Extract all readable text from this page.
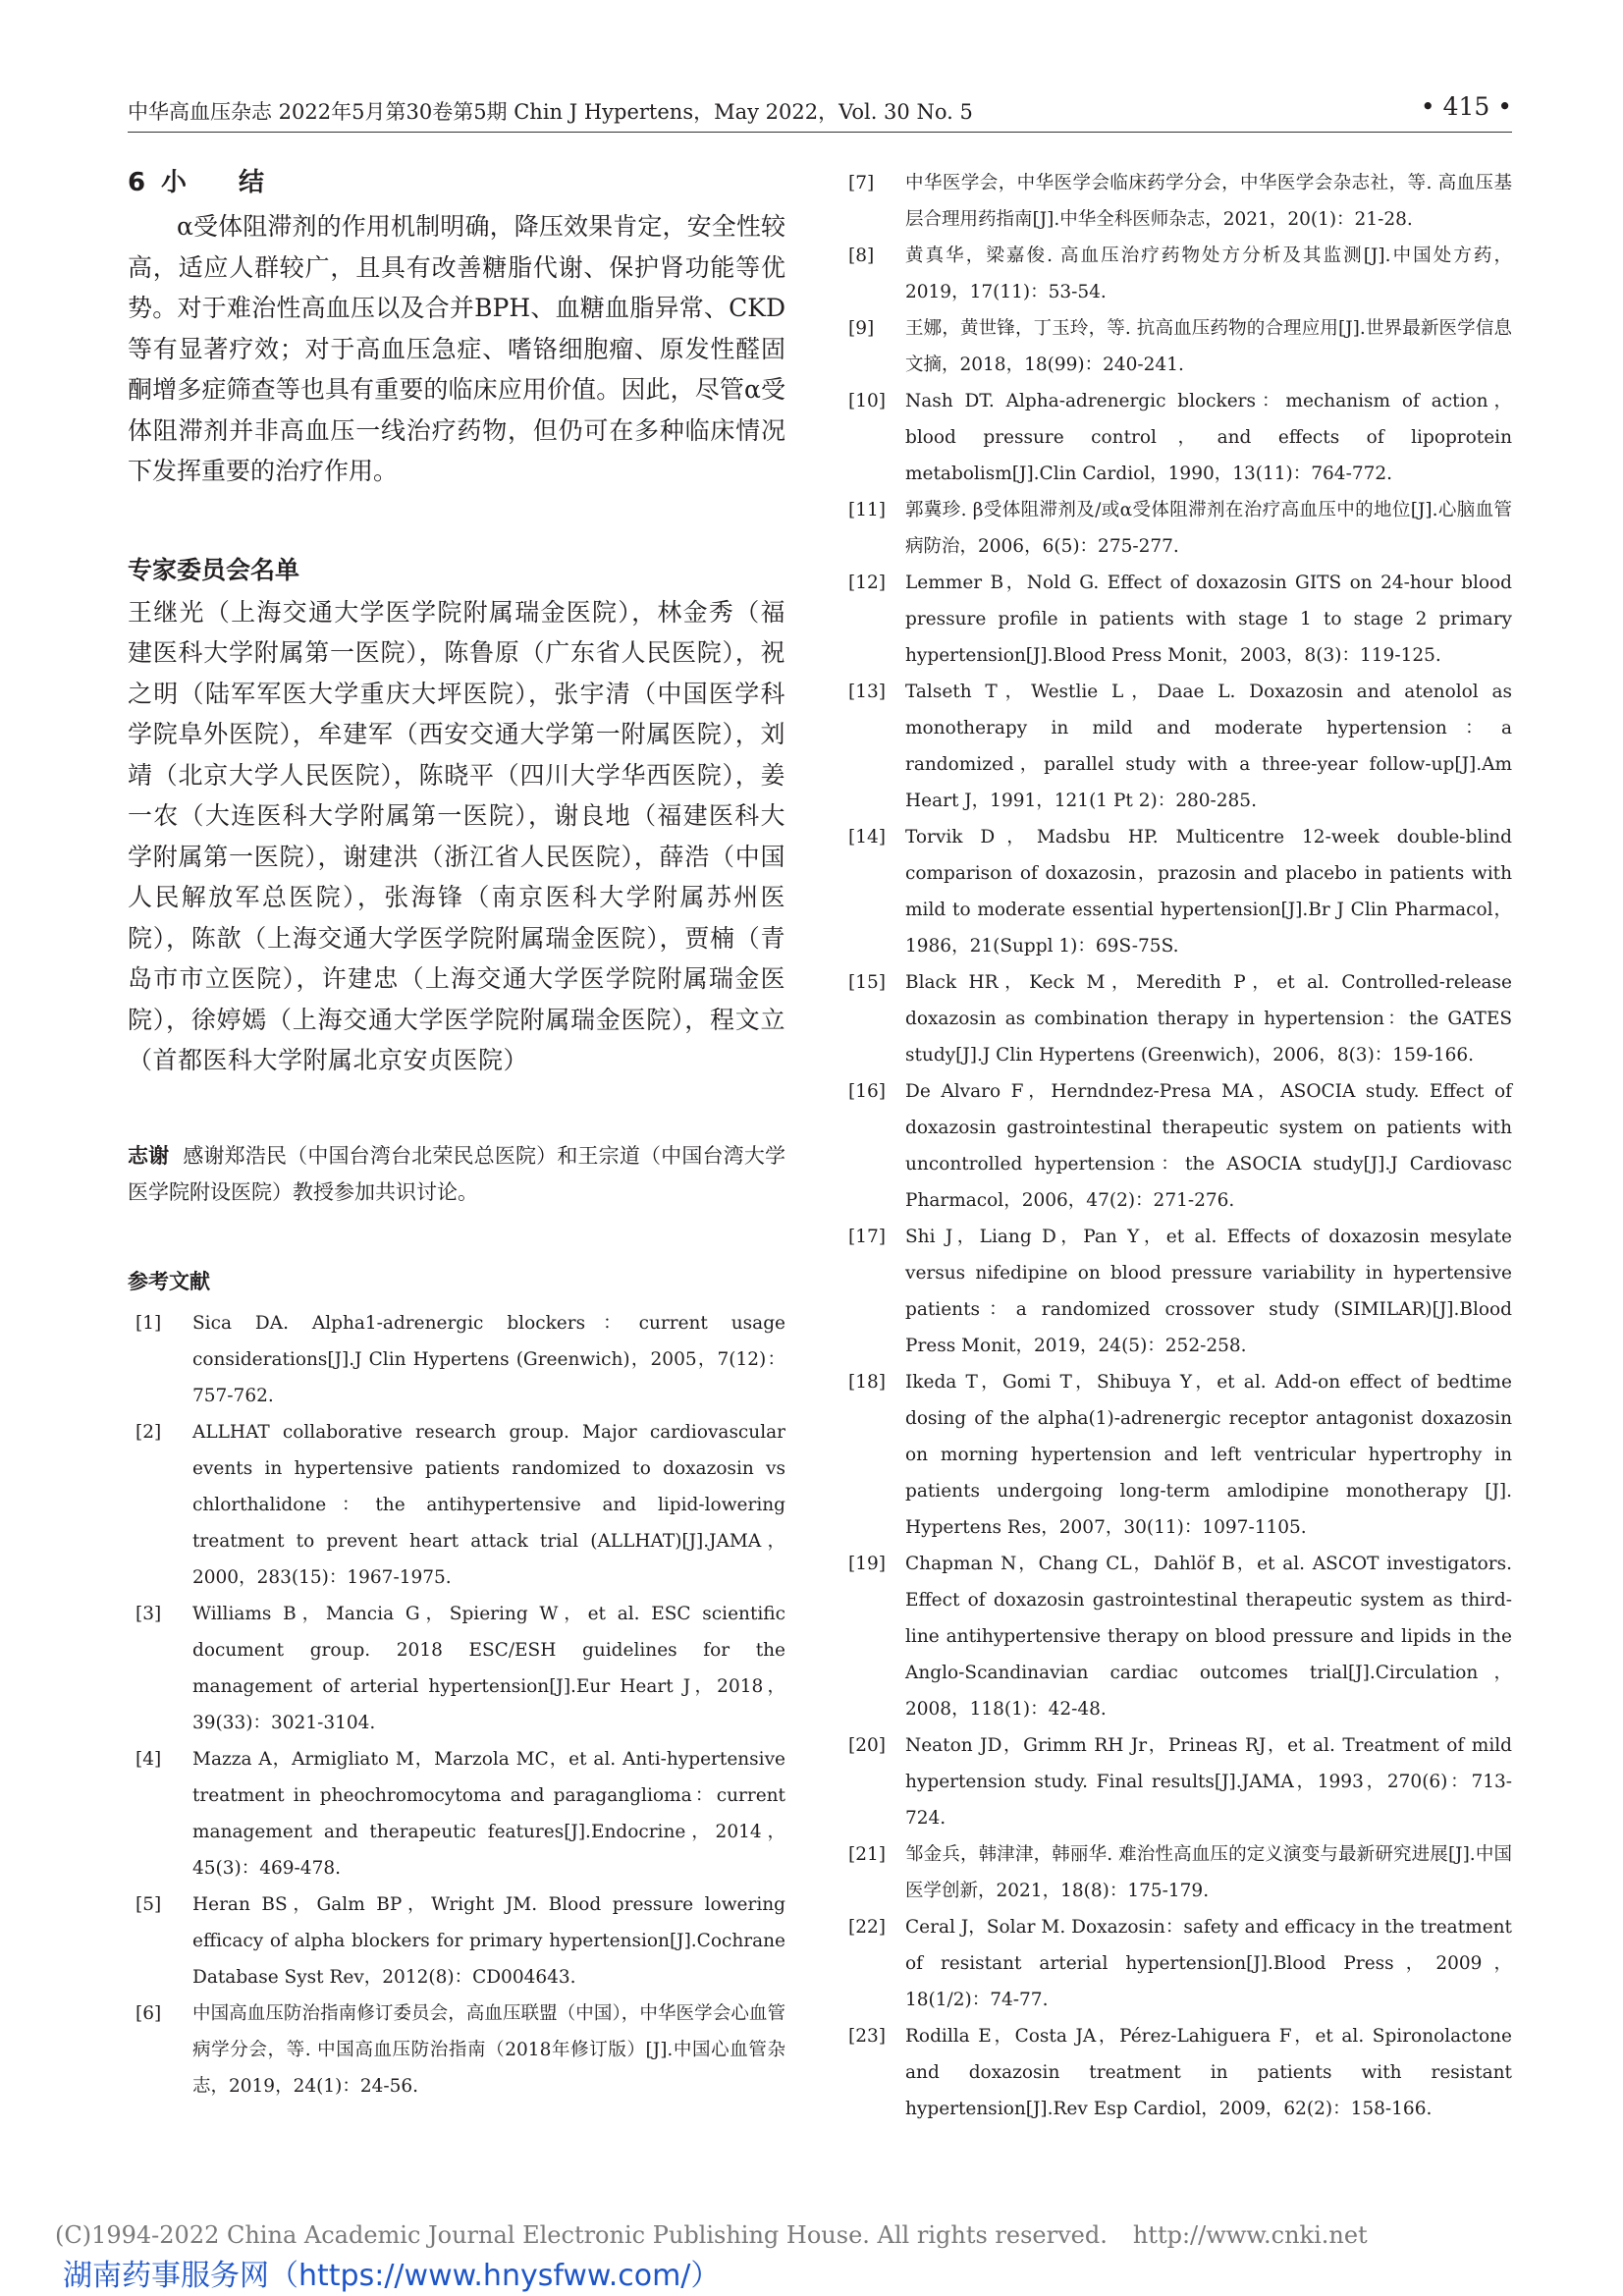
中华高血压杂志 2022年5月第30卷第5期 Chin J Hypertens，May 2022，Vol. 30 No. 5	• 415 •
6 小 结

α受体阻滞剂的作用机制明确，降压效果肯定，安全性较高，适应人群较广，且具有改善糖脂代谢、保护肾功能等优势。对于难治性高血压以及合并BPH、血糖血脂异常、CKD等有显著疗效；对于高血压急症、嗜铬细胞瘤、原发性醛固酮增多症筛查等也具有重要的临床应用价值。因此，尽管α受体阻滞剂并非高血压一线治疗药物，但仍可在多种临床情况下发挥重要的治疗作用。

专家委员会名单

王继光（上海交通大学医学院附属瑞金医院），林金秀（福建医科大学附属第一医院），陈鲁原（广东省人民医院），祝之明（陆军军医大学重庆大坪医院），张宇清（中国医学科学院阜外医院），牟建军（西安交通大学第一附属医院），刘靖（北京大学人民医院），陈晓平（四川大学华西医院），姜一农（大连医科大学附属第一医院），谢良地（福建医科大学附属第一医院），谢建洪（浙江省人民医院），薛浩（中国人民解放军总医院），张海锋（南京医科大学附属苏州医院），陈歆（上海交通大学医学院附属瑞金医院），贾楠（青岛市市立医院），许建忠（上海交通大学医学院附属瑞金医院），徐婷嫣（上海交通大学医学院附属瑞金医院），程文立（首都医科大学附属北京安贞医院）

志谢 感谢郑浩民（中国台湾台北荣民总医院）和王宗道（中国台湾大学医学院附设医院）教授参加共识讨论。
参考文献
[1]	Sica DA. Alpha1-adrenergic blockers：current usage considerations[J].J Clin Hypertens (Greenwich)，2005，7(12)：757-762.
[2]	ALLHAT collaborative research group. Major cardiovascular events in hypertensive patients randomized to doxazosin vs chlorthalidone：the antihypertensive and lipid-lowering treatment to prevent heart attack trial (ALLHAT)[J].JAMA，2000，283(15)：1967-1975.
[3]	Williams B，Mancia G，Spiering W，et al. ESC scientific document group. 2018 ESC/ESH guidelines for the management of arterial hypertension[J].Eur Heart J，2018，39(33)：3021-3104.
[4]	Mazza A，Armigliato M，Marzola MC，et al. Anti-hypertensive treatment in pheochromocytoma and paraganglioma：current management and therapeutic features[J].Endocrine，2014，45(3)：469-478.
[5]	Heran BS，Galm BP，Wright JM. Blood pressure lowering efficacy of alpha blockers for primary hypertension[J].Cochrane Database Syst Rev，2012(8)：CD004643.
[6]	中国高血压防治指南修订委员会，高血压联盟（中国），中华医学会心血管病学分会，等. 中国高血压防治指南（2018年修订版）[J].中国心血管杂志，2019，24(1)：24-56.
[7]	中华医学会，中华医学会临床药学分会，中华医学会杂志社，等. 高血压基层合理用药指南[J].中华全科医师杂志，2021，20(1)：21-28.
[8]	黄真华，梁嘉俊. 高血压治疗药物处方分析及其监测[J].中国处方药，2019，17(11)：53-54.
[9]	王娜，黄世锋，丁玉玲，等. 抗高血压药物的合理应用[J].世界最新医学信息文摘，2018，18(99)：240-241.
[10]	Nash DT. Alpha-adrenergic blockers：mechanism of action，blood pressure control，and effects of lipoprotein metabolism[J].Clin Cardiol，1990，13(11)：764-772.
[11]	郭冀珍. β受体阻滞剂及/或α受体阻滞剂在治疗高血压中的地位[J].心脑血管病防治，2006，6(5)：275-277.
[12]	Lemmer B，Nold G. Effect of doxazosin GITS on 24-hour blood pressure profile in patients with stage 1 to stage 2 primary hypertension[J].Blood Press Monit，2003，8(3)：119-125.
[13]	Talseth T，Westlie L，Daae L. Doxazosin and atenolol as monotherapy in mild and moderate hypertension：a randomized，parallel study with a three-year follow-up[J].Am Heart J，1991，121(1 Pt 2)：280-285.
[14]	Torvik D，Madsbu HP. Multicentre 12-week double-blind comparison of doxazosin，prazosin and placebo in patients with mild to moderate essential hypertension[J].Br J Clin Pharmacol，1986，21(Suppl 1)：69S-75S.
[15]	Black HR，Keck M，Meredith P，et al. Controlled-release doxazosin as combination therapy in hypertension：the GATES study[J].J Clin Hypertens (Greenwich)，2006，8(3)：159-166.
[16]	De Alvaro F，Herndndez-Presa MA，ASOCIA study. Effect of doxazosin gastrointestinal therapeutic system on patients with uncontrolled hypertension：the ASOCIA study[J].J Cardiovasc Pharmacol，2006，47(2)：271-276.
[17]	Shi J，Liang D，Pan Y，et al. Effects of doxazosin mesylate versus nifedipine on blood pressure variability in hypertensive patients：a randomized crossover study (SIMILAR)[J].Blood Press Monit，2019，24(5)：252-258.
[18]	Ikeda T，Gomi T，Shibuya Y，et al. Add-on effect of bedtime dosing of the alpha(1)-adrenergic receptor antagonist doxazosin on morning hypertension and left ventricular hypertrophy in patients undergoing long-term amlodipine monotherapy [J]. Hypertens Res，2007，30(11)：1097-1105.
[19]	Chapman N，Chang CL，Dahlöf B，et al. ASCOT investigators. Effect of doxazosin gastrointestinal therapeutic system as third-line antihypertensive therapy on blood pressure and lipids in the Anglo-Scandinavian cardiac outcomes trial[J].Circulation，2008，118(1)：42-48.
[20]	Neaton JD，Grimm RH Jr，Prineas RJ，et al. Treatment of mild hypertension study. Final results[J].JAMA，1993，270(6)：713-724.
[21]	邹金兵，韩津津，韩丽华. 难治性高血压的定义演变与最新研究进展[J].中国医学创新，2021，18(8)：175-179.
[22]	Ceral J，Solar M. Doxazosin：safety and efficacy in the treatment of resistant arterial hypertension[J].Blood Press，2009，18(1/2)：74-77.
[23]	Rodilla E，Costa JA，Pérez-Lahiguera F，et al. Spironolactone and doxazosin treatment in patients with resistant hypertension[J].Rev Esp Cardiol，2009，62(2)：158-166.
(C)1994-2022 China Academic Journal Electronic Publishing House. All rights reserved. http://www.cnki.net
湖南药事服务网（https://www.hnysfww.com/）
